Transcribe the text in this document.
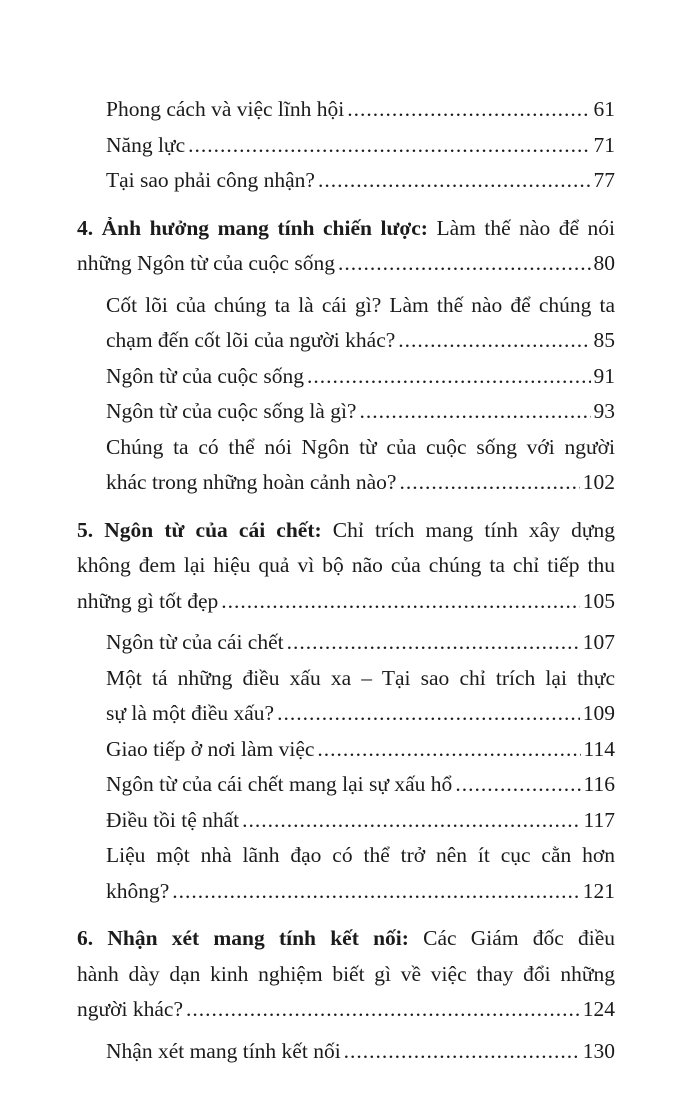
Phong cách và việc lĩnh hội .....	61
Năng lực .....	71
Tại sao phải công nhận? .....	77
4. Ảnh hưởng mang tính chiến lược: Làm thế nào để nói
những Ngôn từ của cuộc sống .....	80
Cốt lõi của chúng ta là cái gì? Làm thế nào để chúng ta
chạm đến cốt lõi của người khác? .....	85
Ngôn từ của cuộc sống .....	91
Ngôn từ của cuộc sống là gì? .....	93
Chúng ta có thể nói Ngôn từ của cuộc sống với người
khác trong những hoàn cảnh nào? .....	102
5. Ngôn từ của cái chết: Chỉ trích mang tính xây dựng
không đem lại hiệu quả vì bộ não của chúng ta chỉ tiếp thu
những gì tốt đẹp .....	105
Ngôn từ của cái chết .....	107
Một tá những điều xấu xa – Tại sao chỉ trích lại thực
sự là một điều xấu? .....	109
Giao tiếp ở nơi làm việc .....	114
Ngôn từ của cái chết mang lại sự xấu hổ .....	116
Điều tồi tệ nhất .....	117
Liệu một nhà lãnh đạo có thể trở nên ít cục cằn hơn
không? .....	121
6. Nhận xét mang tính kết nối: Các Giám đốc điều
hành dày dạn kinh nghiệm biết gì về việc thay đổi những
người khác? .....	124
Nhận xét mang tính kết nối .....	130
